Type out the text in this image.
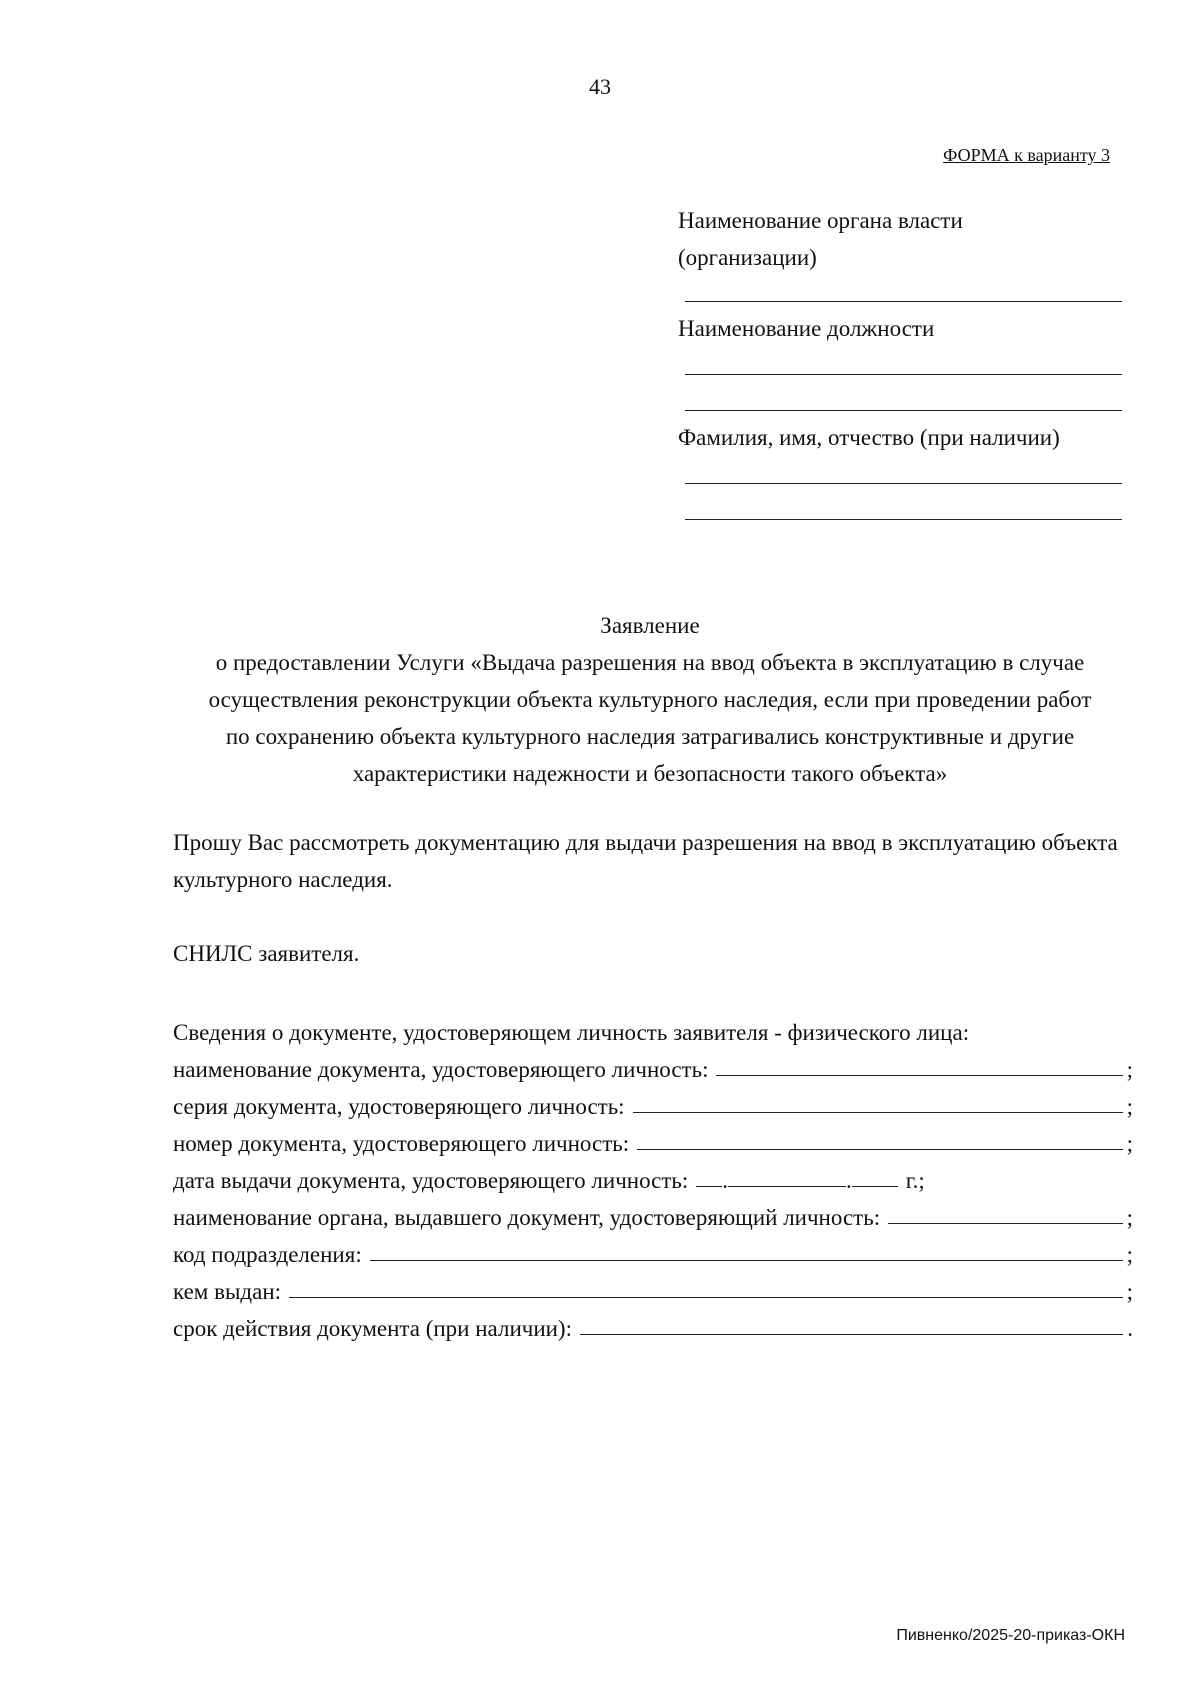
43
ФОРМА к варианту 3
Наименование органа власти
(организации)
Наименование должности
Фамилия, имя, отчество (при наличии)
Заявление
о предоставлении Услуги «Выдача разрешения на ввод объекта в эксплуатацию в случае
осуществления реконструкции объекта культурного наследия, если при проведении работ
по сохранению объекта культурного наследия затрагивались конструктивные и другие
характеристики надежности и безопасности такого объекта»
Прошу Вас рассмотреть документацию для выдачи разрешения на ввод в эксплуатацию объекта культурного наследия.
СНИЛС заявителя.
Сведения о документе, удостоверяющем личность заявителя - физического лица:
наименование документа, удостоверяющего личность:	;
серия документа, удостоверяющего личность:	;
номер документа, удостоверяющего личность:	;
дата выдачи документа, удостоверяющего личность: .	. г.;
наименование органа, выдавшего документ, удостоверяющий личность:	;
код подразделения:	;
кем выдан:	;
срок действия документа (при наличии):	.
Пивненко/2025-20-приказ-ОКН
